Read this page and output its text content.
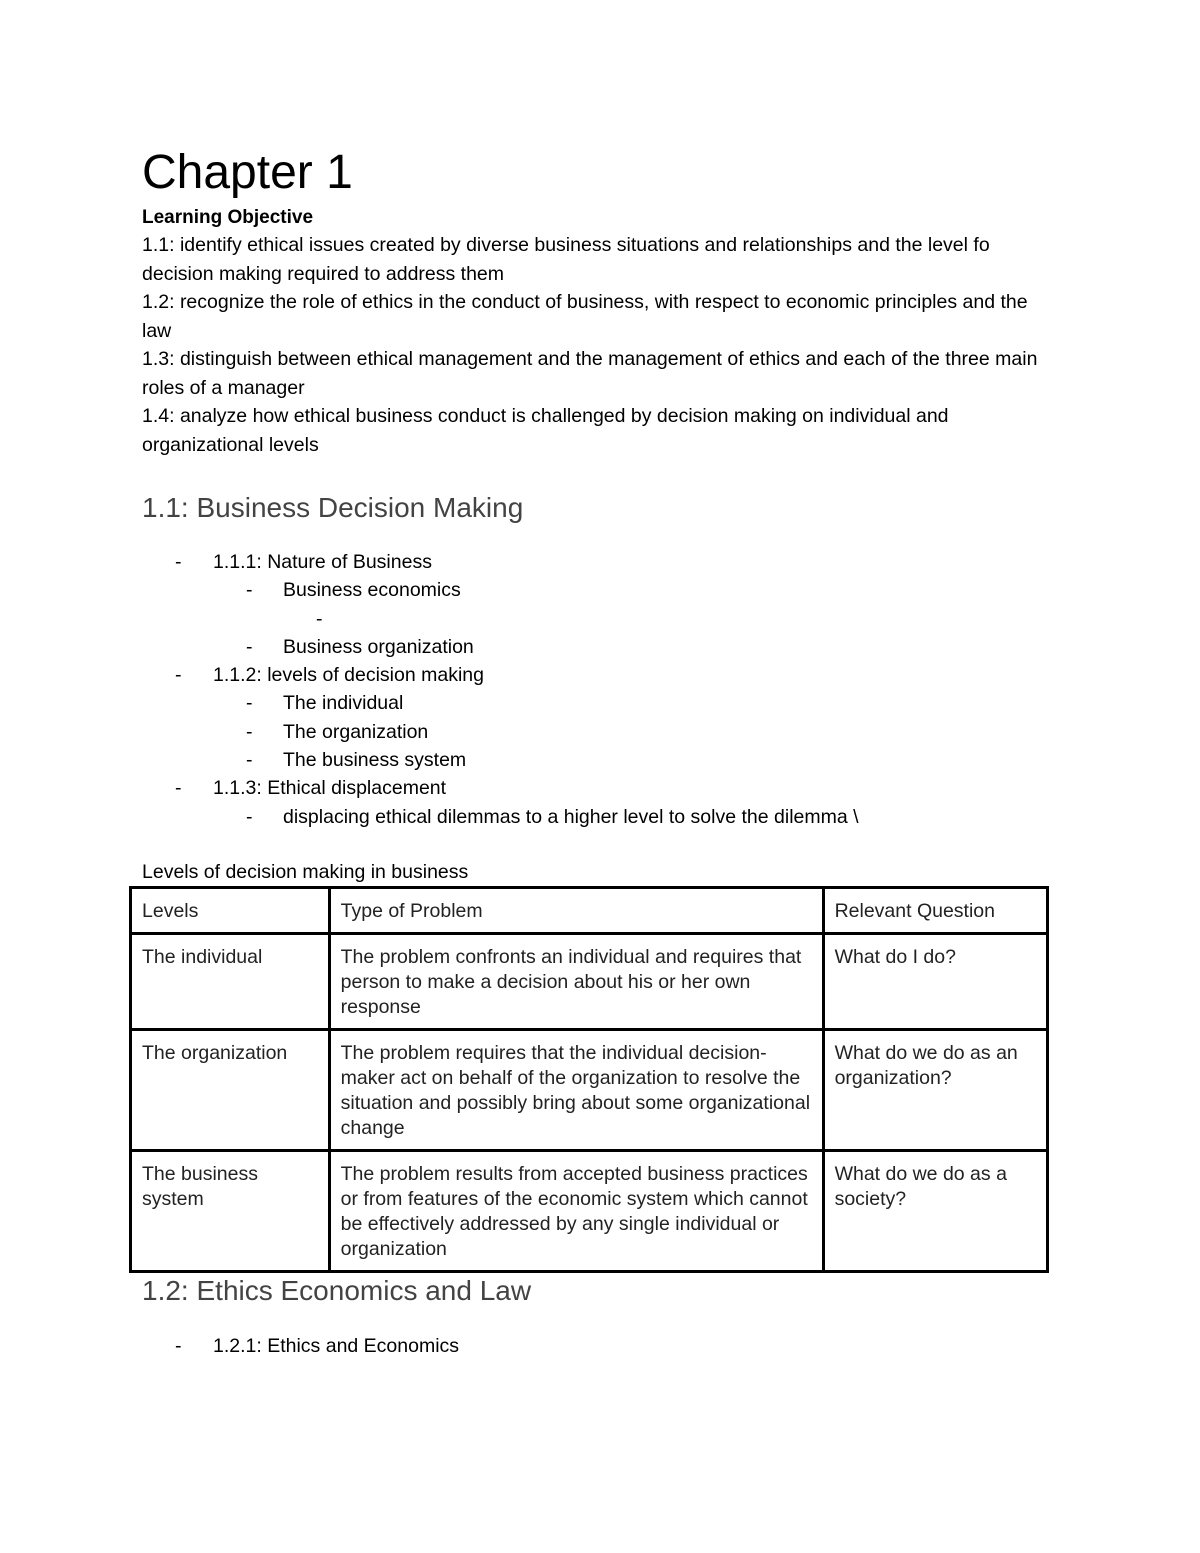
Chapter 1
Learning Objective

1.1: identify ethical issues created by diverse business situations and relationships and the level fo decision making required to address them

1.2: recognize the role of ethics in the conduct of business, with respect to economic principles and the law

1.3: distinguish between ethical management and the management of ethics and each of the three main roles of a manager

1.4: analyze how ethical business conduct is challenged by decision making on individual and organizational levels

1.1: Business Decision Making
- 1.1.1: Nature of Business
- Business economics
-

- Business organization
- 1.1.2: levels of decision making
- The individual
- The organization
- The business system
- 1.1.3: Ethical displacement
- displacing ethical dilemmas to a higher level to solve the dilemma \

Levels of decision making in business

Levels	Type of Problem	Relevant Question
The individual	The problem confronts an individual and requires that person to make a decision about his or her own response	What do I do?
The organization	The problem requires that the individual decision-maker act on behalf of the organization to resolve the situation and possibly bring about some organizational change	What do we do as an organization?
The business system	The problem results from accepted business practices or from features of the economic system which cannot be effectively addressed by any single individual or organization	What do we do as a society?
1.2: Ethics Economics and Law
- 1.2.1: Ethics and Economics
